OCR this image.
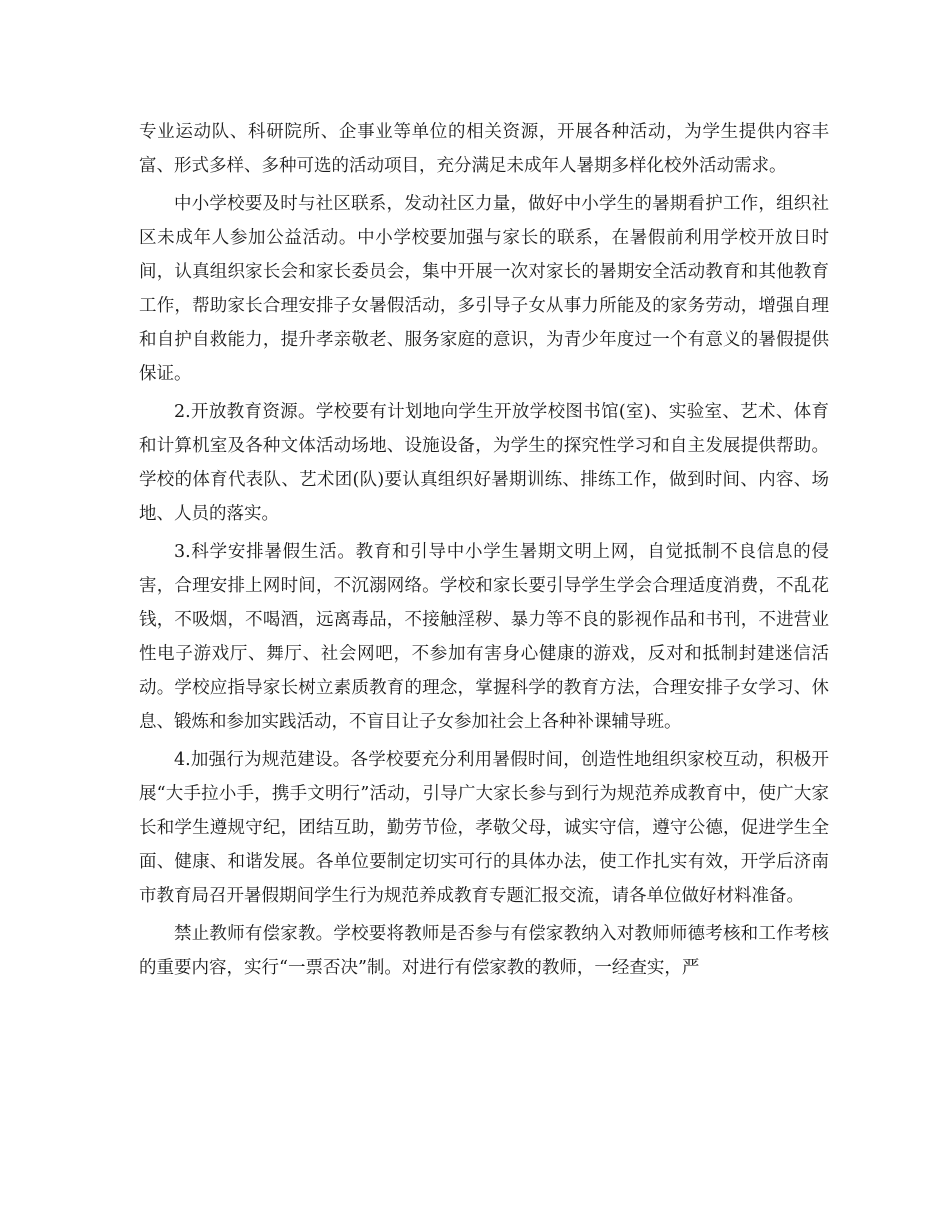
专业运动队、科研院所、企事业等单位的相关资源，开展各种活动，为学生提供内容丰富、形式多样、多种可选的活动项目，充分满足未成年人暑期多样化校外活动需求。

中小学校要及时与社区联系，发动社区力量，做好中小学生的暑期看护工作，组织社区未成年人参加公益活动。中小学校要加强与家长的联系，在暑假前利用学校开放日时间，认真组织家长会和家长委员会，集中开展一次对家长的暑期安全活动教育和其他教育工作，帮助家长合理安排子女暑假活动，多引导子女从事力所能及的家务劳动，增强自理和自护自救能力，提升孝亲敬老、服务家庭的意识，为青少年度过一个有意义的暑假提供保证。

2.开放教育资源。学校要有计划地向学生开放学校图书馆(室)、实验室、艺术、体育和计算机室及各种文体活动场地、设施设备，为学生的探究性学习和自主发展提供帮助。学校的体育代表队、艺术团(队)要认真组织好暑期训练、排练工作，做到时间、内容、场地、人员的落实。

3.科学安排暑假生活。教育和引导中小学生暑期文明上网，自觉抵制不良信息的侵害，合理安排上网时间，不沉溺网络。学校和家长要引导学生学会合理适度消费，不乱花钱，不吸烟，不喝酒，远离毒品，不接触淫秽、暴力等不良的影视作品和书刊，不进营业性电子游戏厅、舞厅、社会网吧，不参加有害身心健康的游戏，反对和抵制封建迷信活动。学校应指导家长树立素质教育的理念，掌握科学的教育方法，合理安排子女学习、休息、锻炼和参加实践活动，不盲目让子女参加社会上各种补课辅导班。

4.加强行为规范建设。各学校要充分利用暑假时间，创造性地组织家校互动，积极开展“大手拉小手，携手文明行”活动，引导广大家长参与到行为规范养成教育中，使广大家长和学生遵规守纪，团结互助，勤劳节俭，孝敬父母，诚实守信，遵守公德，促进学生全面、健康、和谐发展。各单位要制定切实可行的具体办法，使工作扎实有效，开学后济南市教育局召开暑假期间学生行为规范养成教育专题汇报交流，请各单位做好材料准备。

禁止教师有偿家教。学校要将教师是否参与有偿家教纳入对教师师德考核和工作考核的重要内容，实行“一票否决”制。对进行有偿家教的教师，一经查实，严
